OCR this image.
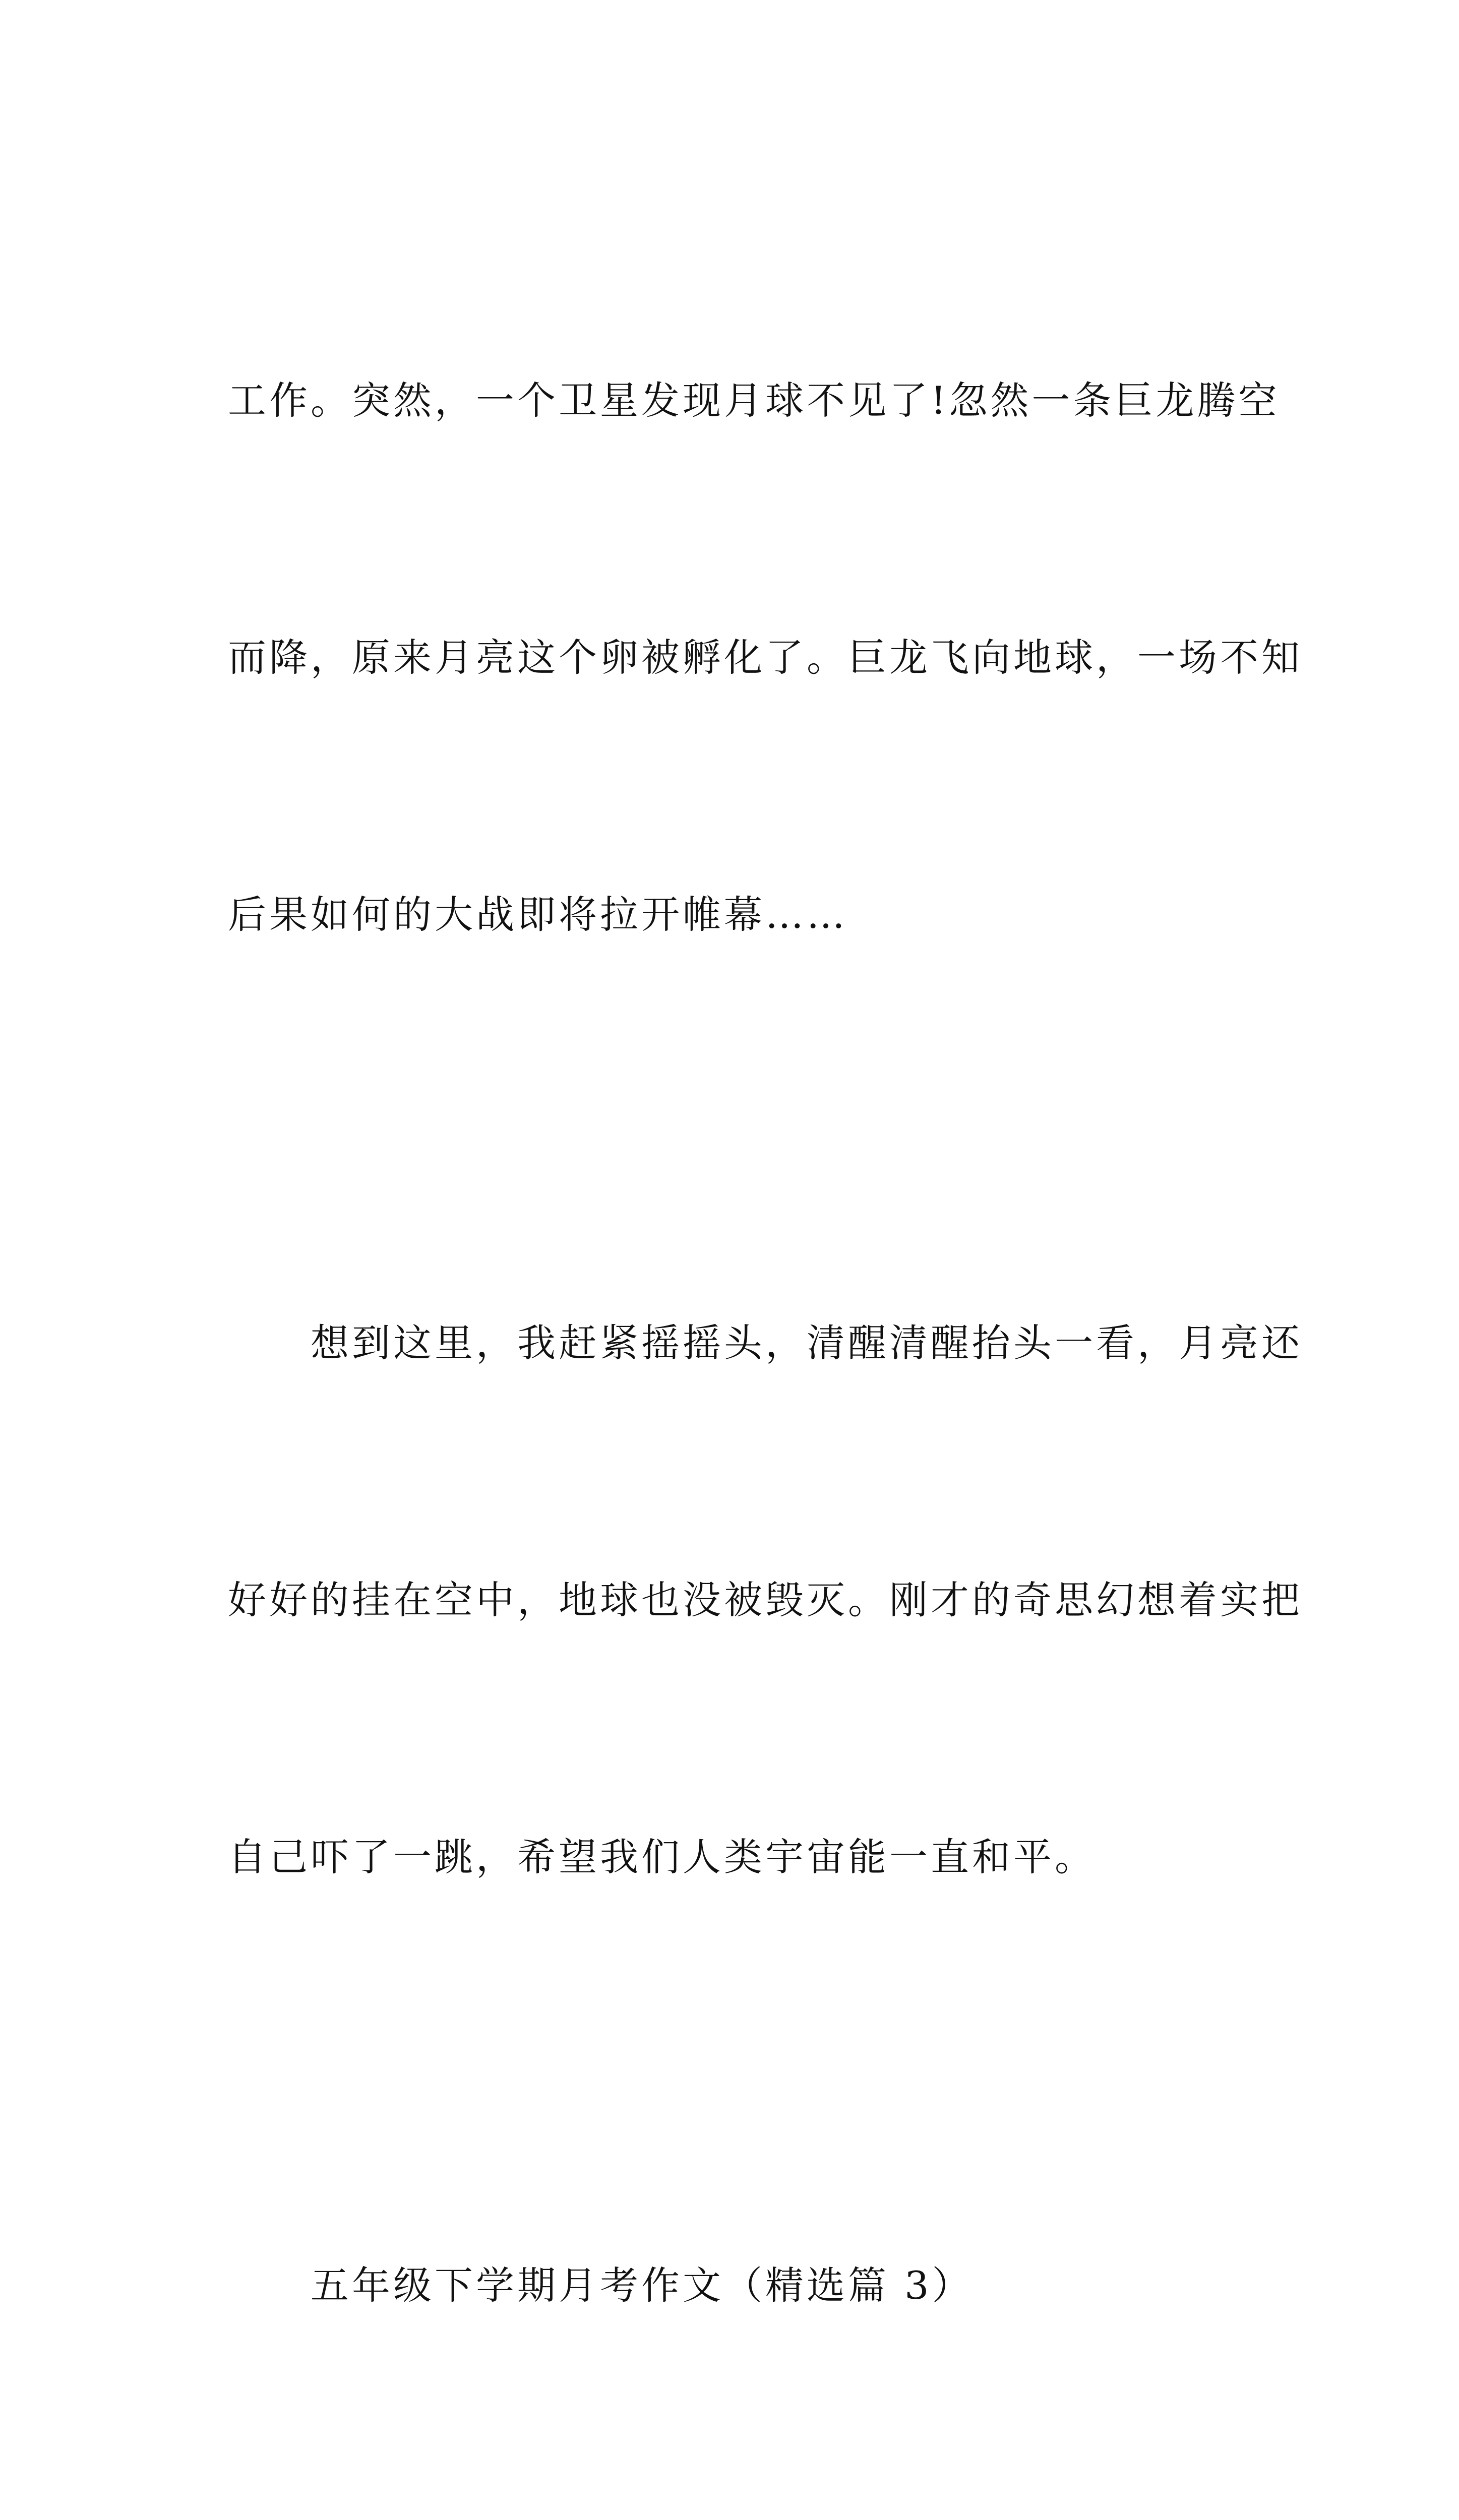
工作。突然，一个卫星发现月球不见了!忽然一条巨龙腾空

而降，原来月亮这个卵被孵化了。巨龙飞向地球，一场不知

后果如何的大战即将拉开帷幕……

　　想到这里，我赶紧摇摇头，清醒清醒抬头一看，月亮还

好好的挂在空中，地球也没被毁灭。刚才的奇思幻想着实把

自己吓了一跳，希望我们人类宇宙能一直和平。

　　五年级下学期月考作文（精选篇 3）
